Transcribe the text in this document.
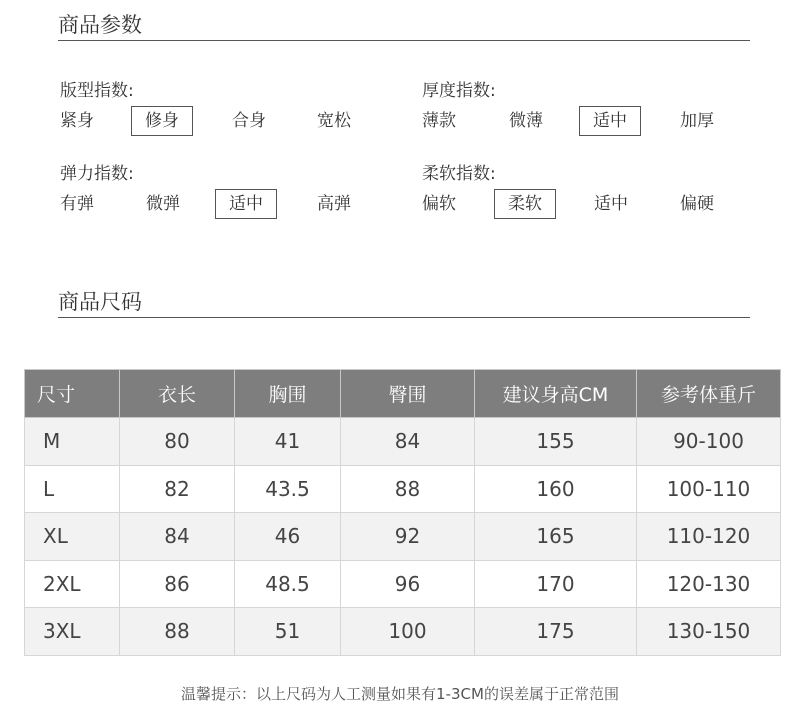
商品参数
版型指数:
紧身	修身	合身	宽松
厚度指数:
薄款	微薄	适中	加厚
弹力指数:
有弹	微弹	适中	高弹
柔软指数:
偏软	柔软	适中	偏硬
商品尺码
尺寸	衣长	胸围	臀围	建议身高CM	参考体重斤
M	80	41	84	155	90-100
L	82	43.5	88	160	100-110
XL	84	46	92	165	110-120
2XL	86	48.5	96	170	120-130
3XL	88	51	100	175	130-150
温馨提示：以上尺码为人工测量如果有1-3CM的误差属于正常范围
